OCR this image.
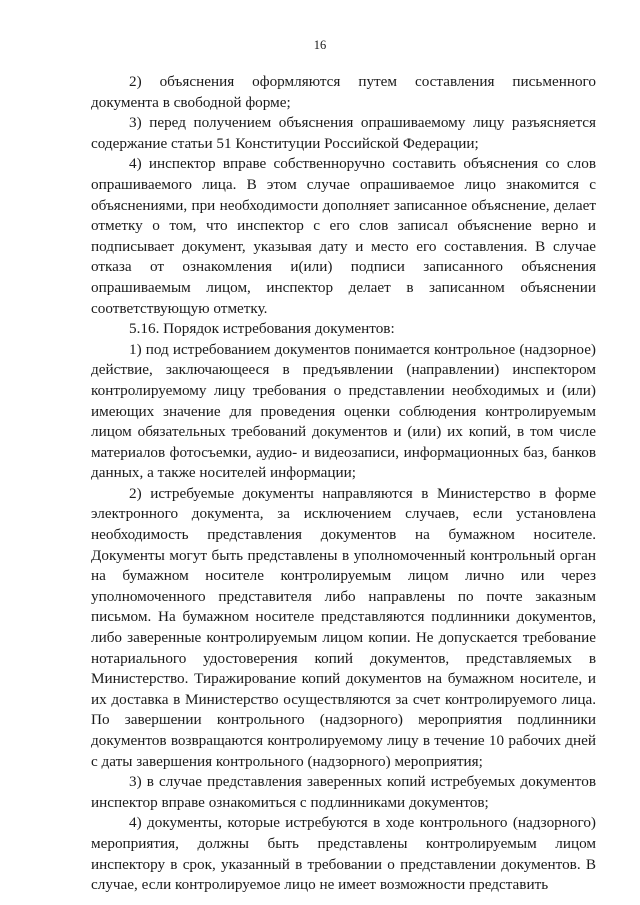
16

2) объяснения оформляются путем составления письменного документа в свободной форме;

3) перед получением объяснения опрашиваемому лицу разъясняется содержание статьи 51 Конституции Российской Федерации;

4) инспектор вправе собственноручно составить объяснения со слов опрашиваемого лица. В этом случае опрашиваемое лицо знакомится с объяснениями, при необходимости дополняет записанное объяснение, делает отметку о том, что инспектор с его слов записал объяснение верно и подписывает документ, указывая дату и место его составления. В случае отказа от ознакомления и(или) подписи записанного объяснения опрашиваемым лицом, инспектор делает в записанном объяснении соответствующую отметку.

5.16. Порядок истребования документов:

1) под истребованием документов понимается контрольное (надзорное) действие, заключающееся в предъявлении (направлении) инспектором контролируемому лицу требования о представлении необходимых и (или) имеющих значение для проведения оценки соблюдения контролируемым лицом обязательных требований документов и (или) их копий, в том числе материалов фотосъемки, аудио- и видеозаписи, информационных баз, банков данных, а также носителей информации;

2) истребуемые документы направляются в Министерство в форме электронного документа, за исключением случаев, если установлена необходимость представления документов на бумажном носителе. Документы могут быть представлены в уполномоченный контрольный орган на бумажном носителе контролируемым лицом лично или через уполномоченного представителя либо направлены по почте заказным письмом. На бумажном носителе представляются подлинники документов, либо заверенные контролируемым лицом копии. Не допускается требование нотариального удостоверения копий документов, представляемых в Министерство. Тиражирование копий документов на бумажном носителе, и их доставка в Министерство осуществляются за счет контролируемого лица. По завершении контрольного (надзорного) мероприятия подлинники документов возвращаются контролируемому лицу в течение 10 рабочих дней с даты завершения контрольного (надзорного) мероприятия;

3) в случае представления заверенных копий истребуемых документов инспектор вправе ознакомиться с подлинниками документов;

4) документы, которые истребуются в ходе контрольного (надзорного) мероприятия, должны быть представлены контролируемым лицом инспектору в срок, указанный в требовании о представлении документов. В случае, если контролируемое лицо не имеет возможности представить
